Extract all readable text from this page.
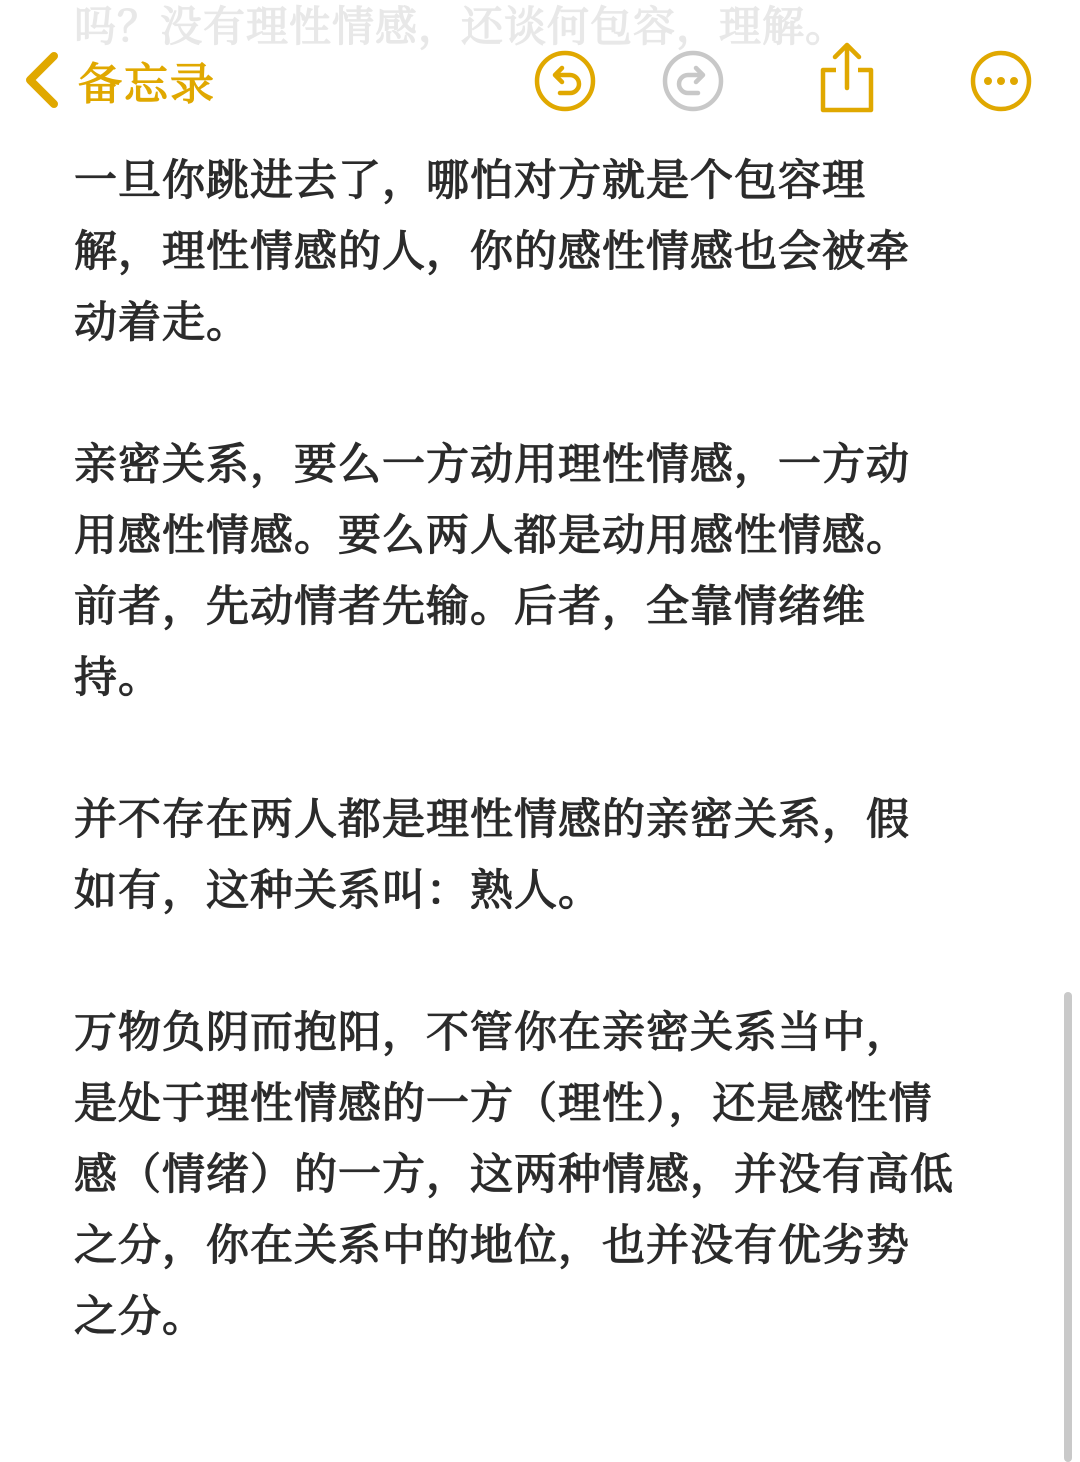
吗？没有理性情感，还谈何包容，理解。
备忘录
一旦你跳进去了，哪怕对方就是个包容理
解，理性情感的人，你的感性情感也会被牵
动着走。
亲密关系，要么一方动用理性情感，一方动
用感性情感。要么两人都是动用感性情感。
前者，先动情者先输。后者，全靠情绪维
持。
并不存在两人都是理性情感的亲密关系，假
如有，这种关系叫：熟人。
万物负阴而抱阳，不管你在亲密关系当中，
是处于理性情感的一方（理性），还是感性情
感（情绪）的一方，这两种情感，并没有高低
之分，你在关系中的地位，也并没有优劣势
之分。
